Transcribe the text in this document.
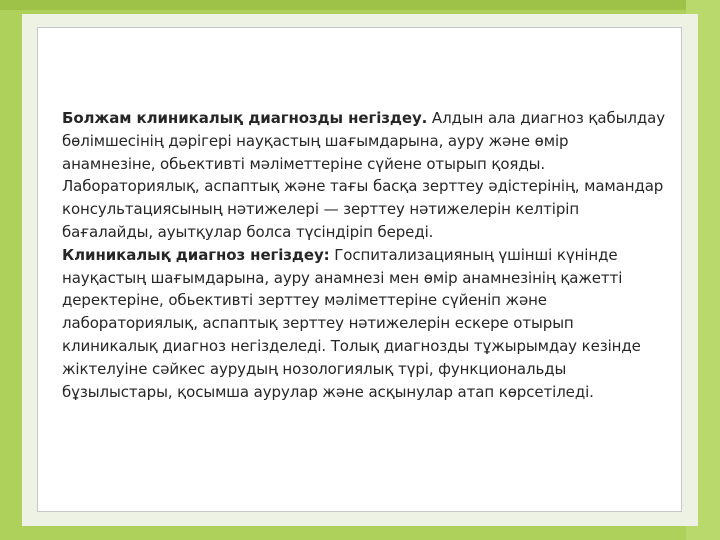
Болжам клиникалық диагнозды негіздеу. Алдын ала диагноз қабылдау бөлімшесінің дәрігері науқастың шағымдарына, ауру және өмір анамнезіне, обьективті мәліметтеріне сүйене отырып қояды. Лабораториялық, аспаптық және тағы басқа зерттеу әдістерінің, мамандар консультациясының нәтижелері — зерттеу нәтижелерін келтіріп бағалайды, ауытқулар болса түсіндіріп береді.

Клиникалық диагноз негіздеу: Госпитализацияның үшінші күнінде науқастың шағымдарына, ауру анамнезі мен өмір анамнезінің қажетті деректеріне, обьективті зерттеу мәліметтеріне сүйеніп және лабораториялық, аспаптық зерттеу нәтижелерін ескере отырып клиникалық диагноз негізделеді. Толық диагнозды тұжырымдау кезінде жіктелуіне сәйкес аурудың нозологиялық түрі, функциональды бұзылыстары, қосымша аурулар және асқынулар атап көрсетіледі.
